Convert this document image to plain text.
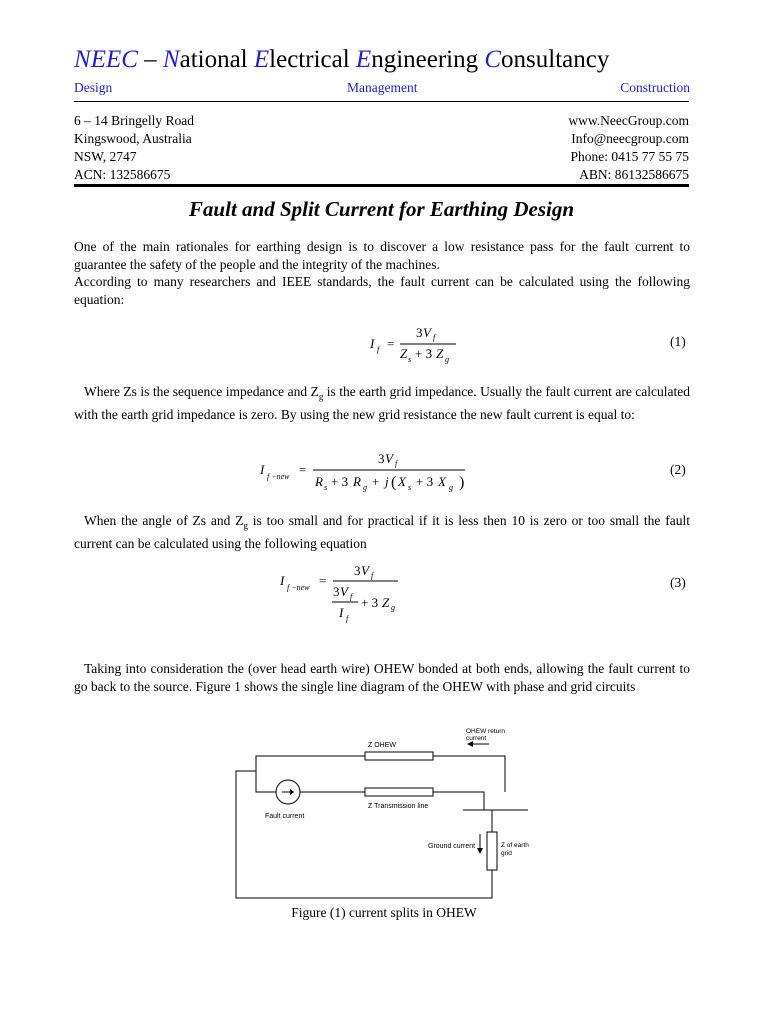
NEEC – National Electrical Engineering Consultancy
Design	Management	Construction
6 – 14 Bringelly Road
Kingswood, Australia
NSW, 2747
ACN: 132586675
www.NeecGroup.com
Info@neecgroup.com
Phone: 0415 77 55 75
ABN: 86132586675
Fault and Split Current for Earthing Design
One of the main rationales for earthing design is to discover a low resistance pass for the fault current to guarantee the safety of the people and the integrity of the machines.
According to many researchers and IEEE standards, the fault current can be calculated using the following equation:
I f =
3 V f
Z s + 3 Z g
(1)
Where Zs is the sequence impedance and $Z_g$ is the earth grid impedance. Usually the fault current are calculated with the earth grid impedance is zero. By using the new grid resistance the new fault current is equal to:
I f −new =
3 V f
R s + 3 R g + j ( X s + 3 X g )
(2)
When the angle of Zs and $Z_g$ is too small and for practical if it is less then 10 is zero or too small the fault current can be calculated using the following equation
I f −new =
3 V f
3 V f
I f
+ 3 Z g
(3)
Taking into consideration the (over head earth wire) OHEW bonded at both ends, allowing the fault current to go back to the source. Figure 1 shows the single line diagram of the OHEW with phase and grid circuits
Z OHEW
Z Transmission line
Fault current
Ground current
OHEW return
current
Z of earth
grid
Figure (1) current splits in OHEW
